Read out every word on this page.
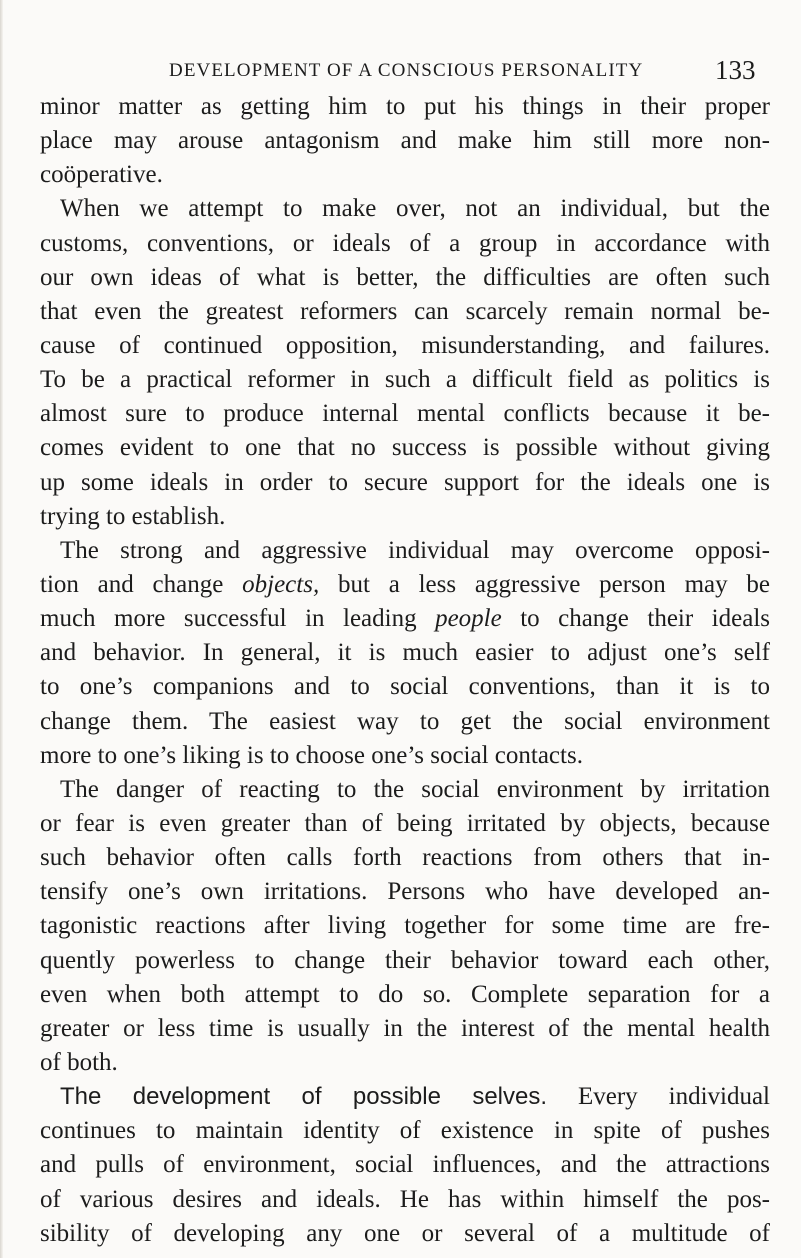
DEVELOPMENT OF A CONSCIOUS PERSONALITY	133
minor matter as getting him to put his things in their proper
place may arouse antagonism and make him still more non-
coöperative.
When we attempt to make over, not an individual, but the
customs, conventions, or ideals of a group in accordance with
our own ideas of what is better, the difficulties are often such
that even the greatest reformers can scarcely remain normal be-
cause of continued opposition, misunderstanding, and failures.
To be a practical reformer in such a difficult field as politics is
almost sure to produce internal mental conflicts because it be-
comes evident to one that no success is possible without giving
up some ideals in order to secure support for the ideals one is
trying to establish.
The strong and aggressive individual may overcome opposi-
tion and change objects, but a less aggressive person may be
much more successful in leading people to change their ideals
and behavior. In general, it is much easier to adjust one’s self
to one’s companions and to social conventions, than it is to
change them. The easiest way to get the social environment
more to one’s liking is to choose one’s social contacts.
The danger of reacting to the social environment by irritation
or fear is even greater than of being irritated by objects, because
such behavior often calls forth reactions from others that in-
tensify one’s own irritations. Persons who have developed an-
tagonistic reactions after living together for some time are fre-
quently powerless to change their behavior toward each other,
even when both attempt to do so. Complete separation for a
greater or less time is usually in the interest of the mental health
of both.
The development of possible selves. Every individual
continues to maintain identity of existence in spite of pushes
and pulls of environment, social influences, and the attractions
of various desires and ideals. He has within himself the pos-
sibility of developing any one or several of a multitude of
